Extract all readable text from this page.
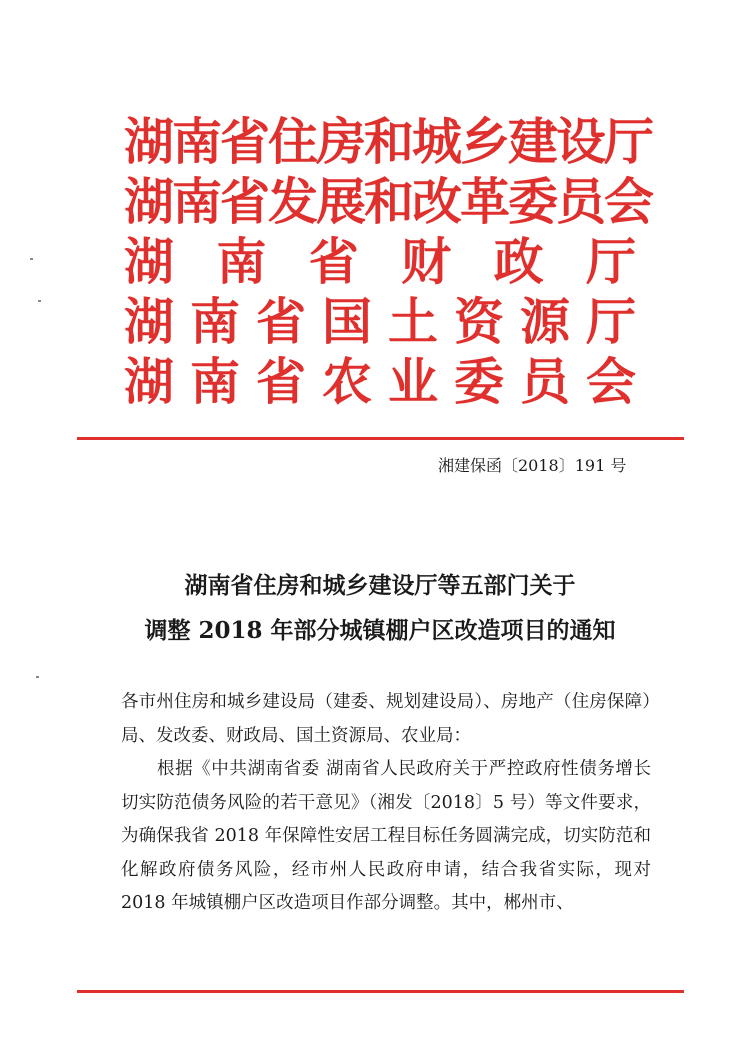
湖南省住房和城乡建设厅
湖南省发展和改革委员会
湖 南 省 财 政 厅
湖 南 省 国 土 资 源 厅
湖 南 省 农 业 委 员 会
湘建保函〔2018〕191 号
湖南省住房和城乡建设厅等五部门关于
调整 2018 年部分城镇棚户区改造项目的通知

各市州住房和城乡建设局（建委、规划建设局）、房地产（住房保障）局、发改委、财政局、国土资源局、农业局：

根据《中共湖南省委 湖南省人民政府关于严控政府性债务增长切实防范债务风险的若干意见》（湘发〔2018〕5 号）等文件要求，为确保我省 2018 年保障性安居工程目标任务圆满完成，切实防范和化解政府债务风险，经市州人民政府申请，结合我省实际，现对 2018 年城镇棚户区改造项目作部分调整。其中，郴州市、
